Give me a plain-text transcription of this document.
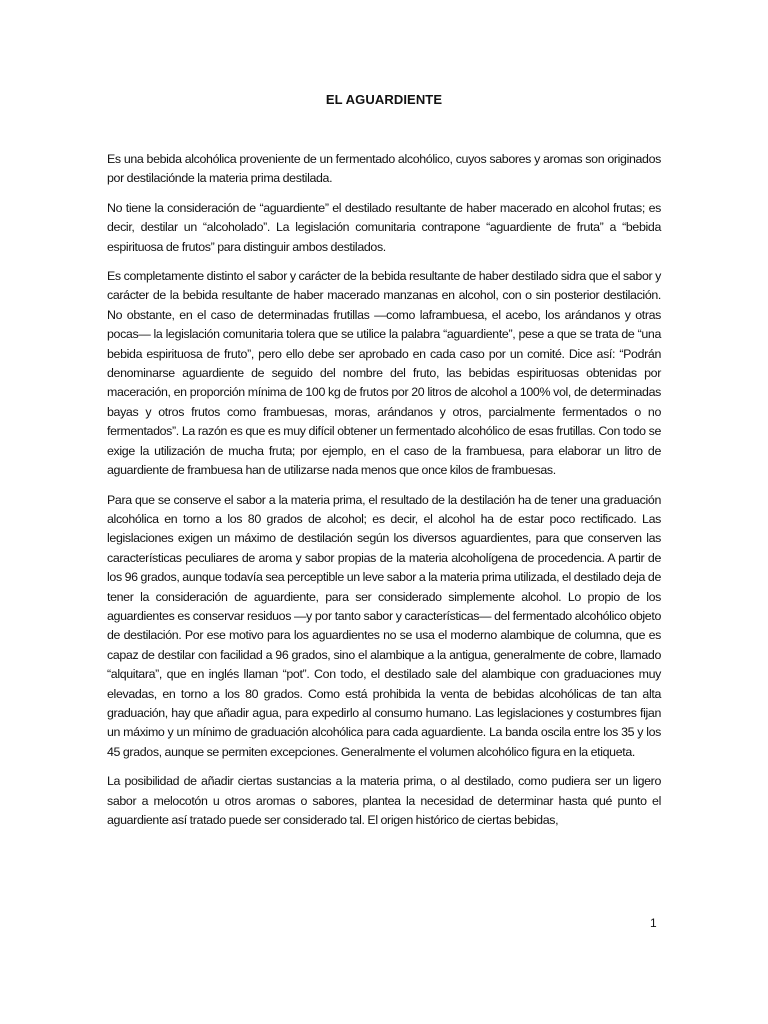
EL AGUARDIENTE

Es una bebida alcohólica proveniente de un fermentado alcohólico, cuyos sabores y aromas son originados por destilaciónde la materia prima destilada.

No tiene la consideración de “aguardiente” el destilado resultante de haber macerado en alcohol frutas; es decir, destilar un “alcoholado”. La legislación comunitaria contrapone “aguardiente de fruta” a “bebida espirituosa de frutos” para distinguir ambos destilados.

Es completamente distinto el sabor y carácter de la bebida resultante de haber destilado sidra que el sabor y carácter de la bebida resultante de haber macerado manzanas en alcohol, con o sin posterior destilación. No obstante, en el caso de determinadas frutillas —como laframbuesa, el acebo, los arándanos y otras pocas— la legislación comunitaria tolera que se utilice la palabra “aguardiente”, pese a que se trata de “una bebida espirituosa de fruto”, pero ello debe ser aprobado en cada caso por un comité. Dice así: “Podrán denominarse aguardiente de seguido del nombre del fruto, las bebidas espirituosas obtenidas por maceración, en proporción mínima de 100 kg de frutos por 20 litros de alcohol a 100% vol, de determinadas bayas y otros frutos como frambuesas, moras, arándanos y otros, parcialmente fermentados o no fermentados”. La razón es que es muy difícil obtener un fermentado alcohólico de esas frutillas. Con todo se exige la utilización de mucha fruta; por ejemplo, en el caso de la frambuesa, para elaborar un litro de aguardiente de frambuesa han de utilizarse nada menos que once kilos de frambuesas.

Para que se conserve el sabor a la materia prima, el resultado de la destilación ha de tener una graduación alcohólica en torno a los 80 grados de alcohol; es decir, el alcohol ha de estar poco rectificado. Las legislaciones exigen un máximo de destilación según los diversos aguardientes, para que conserven las características peculiares de aroma y sabor propias de la materia alcoholígena de procedencia. A partir de los 96 grados, aunque todavía sea perceptible un leve sabor a la materia prima utilizada, el destilado deja de tener la consideración de aguardiente, para ser considerado simplemente alcohol. Lo propio de los aguardientes es conservar residuos —y por tanto sabor y características— del fermentado alcohólico objeto de destilación. Por ese motivo para los aguardientes no se usa el moderno alambique de columna, que es capaz de destilar con facilidad a 96 grados, sino el alambique a la antigua, generalmente de cobre, llamado “alquitara”, que en inglés llaman “pot”. Con todo, el destilado sale del alambique con graduaciones muy elevadas, en torno a los 80 grados. Como está prohibida la venta de bebidas alcohólicas de tan alta graduación, hay que añadir agua, para expedirlo al consumo humano. Las legislaciones y costumbres fijan un máximo y un mínimo de graduación alcohólica para cada aguardiente. La banda oscila entre los 35 y los 45 grados, aunque se permiten excepciones. Generalmente el volumen alcohólico figura en la etiqueta.

La posibilidad de añadir ciertas sustancias a la materia prima, o al destilado, como pudiera ser un ligero sabor a melocotón u otros aromas o sabores, plantea la necesidad de determinar hasta qué punto el aguardiente así tratado puede ser considerado tal. El origen histórico de ciertas bebidas,

1
